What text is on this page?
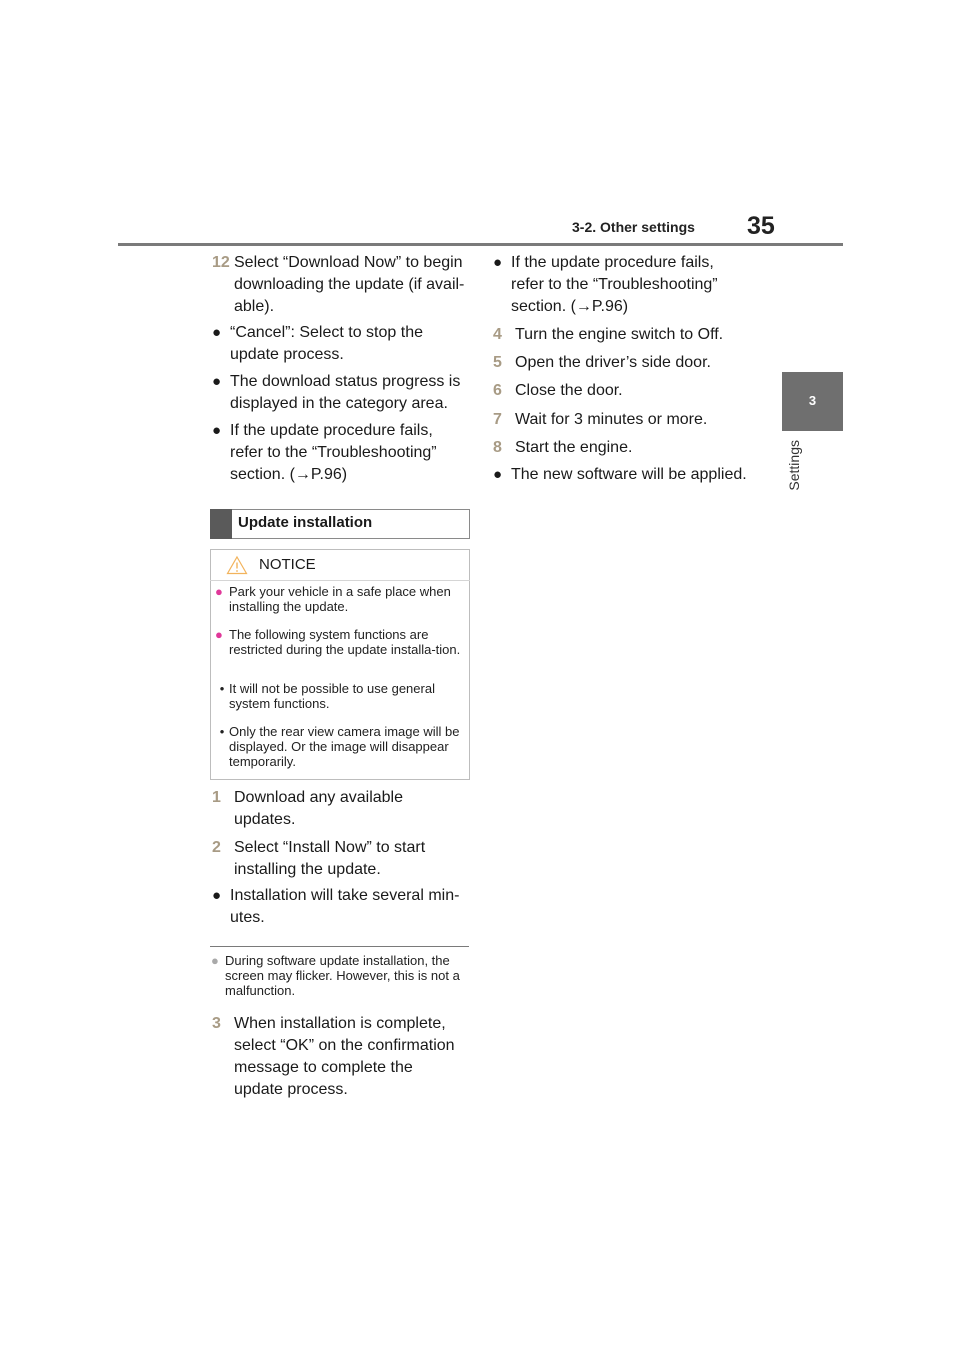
3-2. Other settings 35
3
Settings
12 Select “Download Now” to begin downloading the update (if avail-able).
● “Cancel”: Select to stop the update process.
● The download status progress is displayed in the category area.
● If the update procedure fails, refer to the “Troubleshooting” section. (→P.96)
Update installation
NOTICE
● Park your vehicle in a safe place when installing the update.
● The following system functions are restricted during the update installa-tion.
• It will not be possible to use general system functions.
• Only the rear view camera image will be displayed. Or the image will disappear temporarily.
1 Download any available updates.
2 Select “Install Now” to start installing the update.
● Installation will take several min-utes.
● During software update installation, the screen may flicker. However, this is not a malfunction.
3 When installation is complete, select “OK” on the confirmation message to complete the update process.
● If the update procedure fails, refer to the “Troubleshooting” section. (→P.96)
4 Turn the engine switch to Off.
5 Open the driver’s side door.
6 Close the door.
7 Wait for 3 minutes or more.
8 Start the engine.
● The new software will be applied.
